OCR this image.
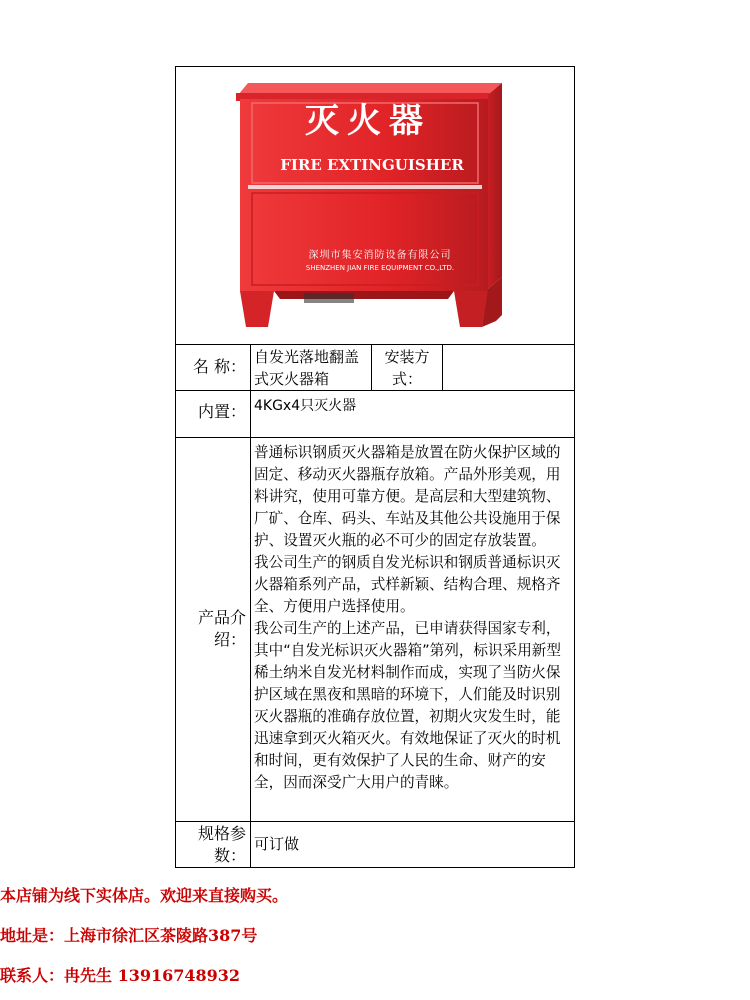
灭火器
FIRE EXTINGUISHER
深圳市集安消防设备有限公司
SHENZHEN JIAN FIRE EQUIPMENT CO.,LTD.
名 称： 自发光落地翻盖式灭火器箱
安装方式：
内置： 4KGx4只灭火器
产品介绍：
普通标识钢质灭火器箱是放置在防火保护区域的固定、移动灭火器瓶存放箱。产品外形美观，用料讲究，使用可靠方便。是高层和大型建筑物、厂矿、仓库、码头、车站及其他公共设施用于保护、设置灭火瓶的必不可少的固定存放装置。
我公司生产的钢质自发光标识和钢质普通标识灭火器箱系列产品，式样新颖、结构合理、规格齐全、方便用户选择使用。
我公司生产的上述产品，已申请获得国家专利，其中“自发光标识灭火器箱”第列，标识采用新型稀土纳米自发光材料制作而成，实现了当防火保护区域在黑夜和黑暗的环境下，人们能及时识别灭火器瓶的准确存放位置，初期火灾发生时，能迅速拿到灭火箱灭火。有效地保证了灭火的时机和时间，更有效保护了人民的生命、财产的安全，因而深受广大用户的青睐。
规格参数：
可订做
本店铺为线下实体店。欢迎来直接购买。
地址是：上海市徐汇区茶陵路387号
联系人：冉先生 13916748932
